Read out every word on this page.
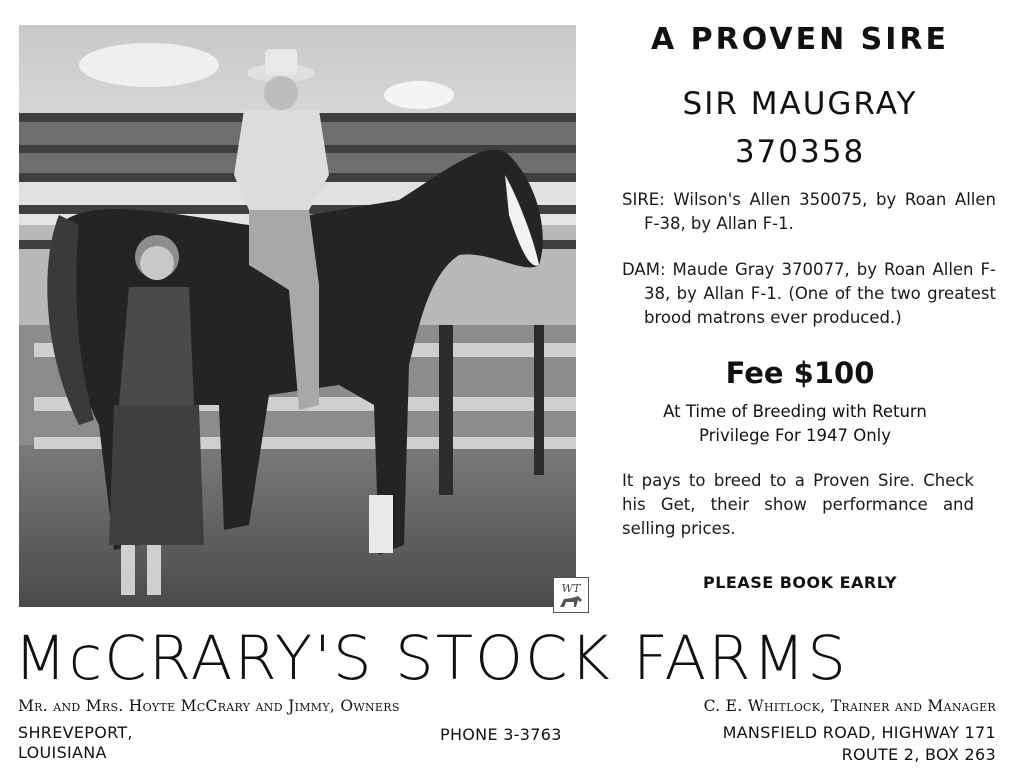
WT
A PROVEN SIRE
SIR MAUGRAY
370358
SIRE: Wilson's Allen 350075, by Roan Allen F-38, by Allan F-1.
DAM: Maude Gray 370077, by Roan Allen F-38, by Allan F-1. (One of the two greatest brood matrons ever produced.)
Fee $100
At Time of Breeding with Return Privilege For 1947 Only
It pays to breed to a Proven Sire. Check his Get, their show performance and selling prices.
PLEASE BOOK EARLY
McCRARY'S STOCK FARMS
Mr. and Mrs. Hoyte McCrary and Jimmy, Owners	C. E. Whitlock, Trainer and Manager
SHREVEPORT,
LOUISIANA
PHONE 3-3763	MANSFIELD ROAD, HIGHWAY 171
ROUTE 2, BOX 263
